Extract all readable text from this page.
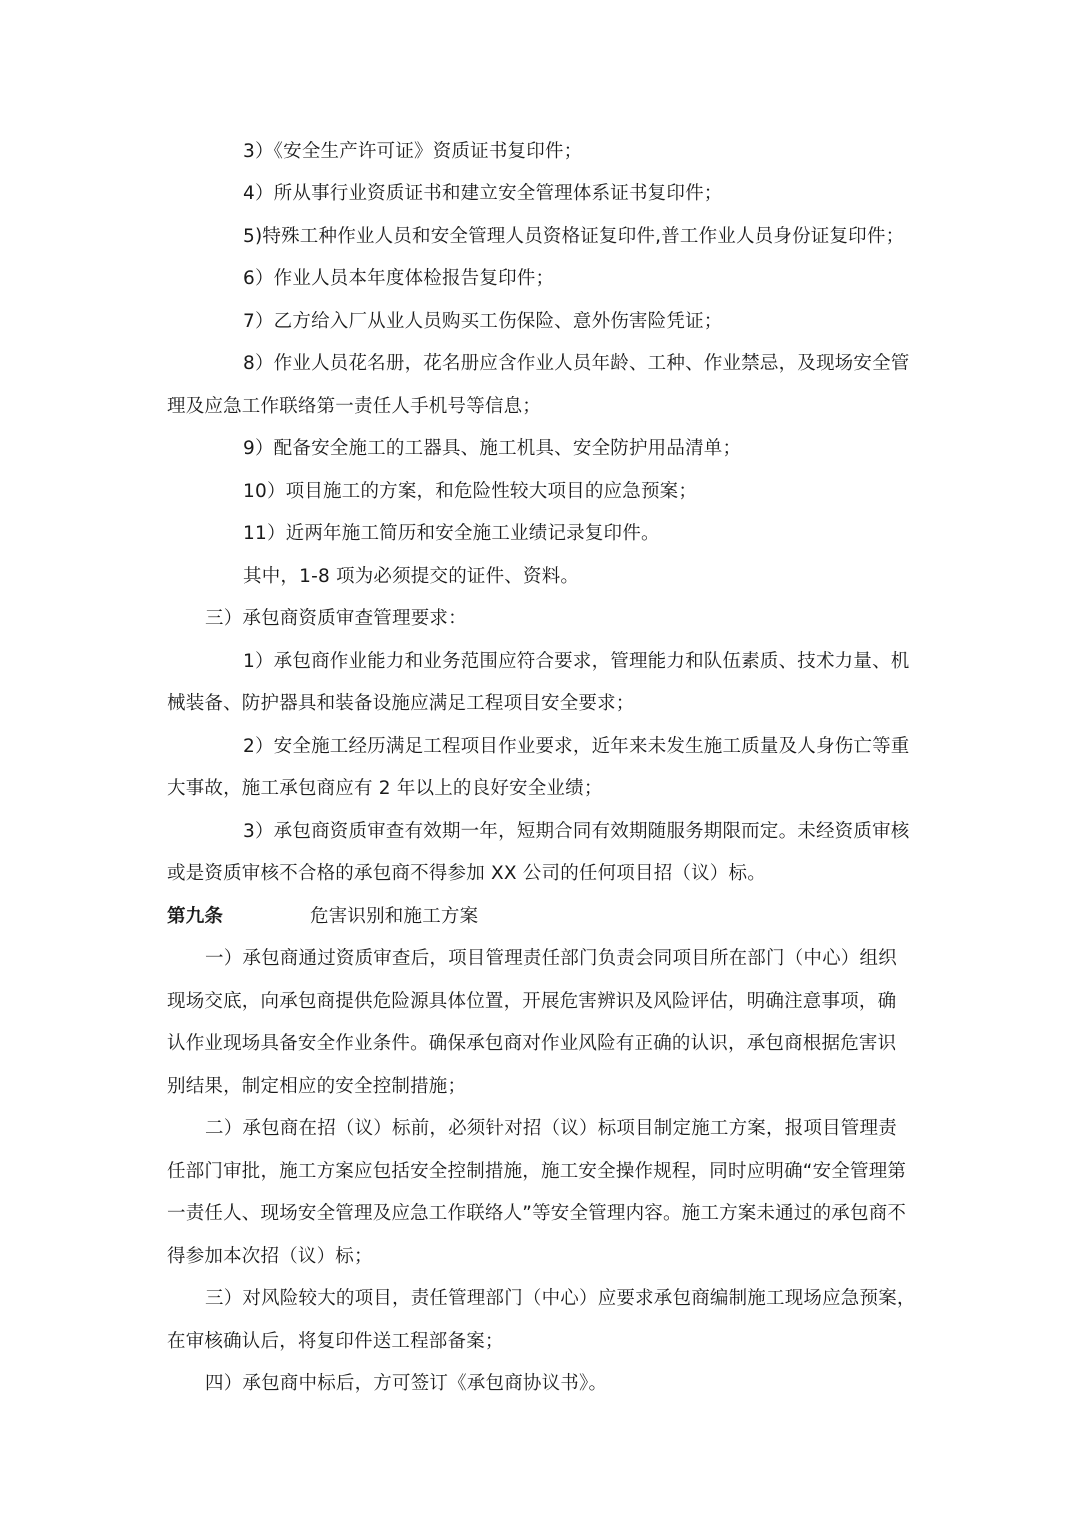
3）《安全生产许可证》资质证书复印件；
4）所从事行业资质证书和建立安全管理体系证书复印件；
5)特殊工种作业人员和安全管理人员资格证复印件,普工作业人员身份证复印件；
6）作业人员本年度体检报告复印件；
7）乙方给入厂从业人员购买工伤保险、意外伤害险凭证；
8）作业人员花名册，花名册应含作业人员年龄、工种、作业禁忌，及现场安全管
理及应急工作联络第一责任人手机号等信息；
9）配备安全施工的工器具、施工机具、安全防护用品清单；
10）项目施工的方案，和危险性较大项目的应急预案；
11）近两年施工简历和安全施工业绩记录复印件。
其中，1-8 项为必须提交的证件、资料。
三）承包商资质审查管理要求：
1）承包商作业能力和业务范围应符合要求，管理能力和队伍素质、技术力量、机
械装备、防护器具和装备设施应满足工程项目安全要求；
2）安全施工经历满足工程项目作业要求，近年来未发生施工质量及人身伤亡等重
大事故，施工承包商应有 2 年以上的良好安全业绩；
3）承包商资质审查有效期一年，短期合同有效期随服务期限而定。未经资质审核
或是资质审核不合格的承包商不得参加 XX 公司的任何项目招（议）标。
第九条	危害识别和施工方案
一）承包商通过资质审查后，项目管理责任部门负责会同项目所在部门（中心）组织
现场交底，向承包商提供危险源具体位置，开展危害辨识及风险评估，明确注意事项，确
认作业现场具备安全作业条件。确保承包商对作业风险有正确的认识，承包商根据危害识
别结果，制定相应的安全控制措施；
二）承包商在招（议）标前，必须针对招（议）标项目制定施工方案，报项目管理责
任部门审批，施工方案应包括安全控制措施，施工安全操作规程，同时应明确“安全管理第
一责任人、现场安全管理及应急工作联络人”等安全管理内容。施工方案未通过的承包商不
得参加本次招（议）标；
三）对风险较大的项目，责任管理部门（中心）应要求承包商编制施工现场应急预案，
在审核确认后，将复印件送工程部备案；
四）承包商中标后，方可签订《承包商协议书》。
